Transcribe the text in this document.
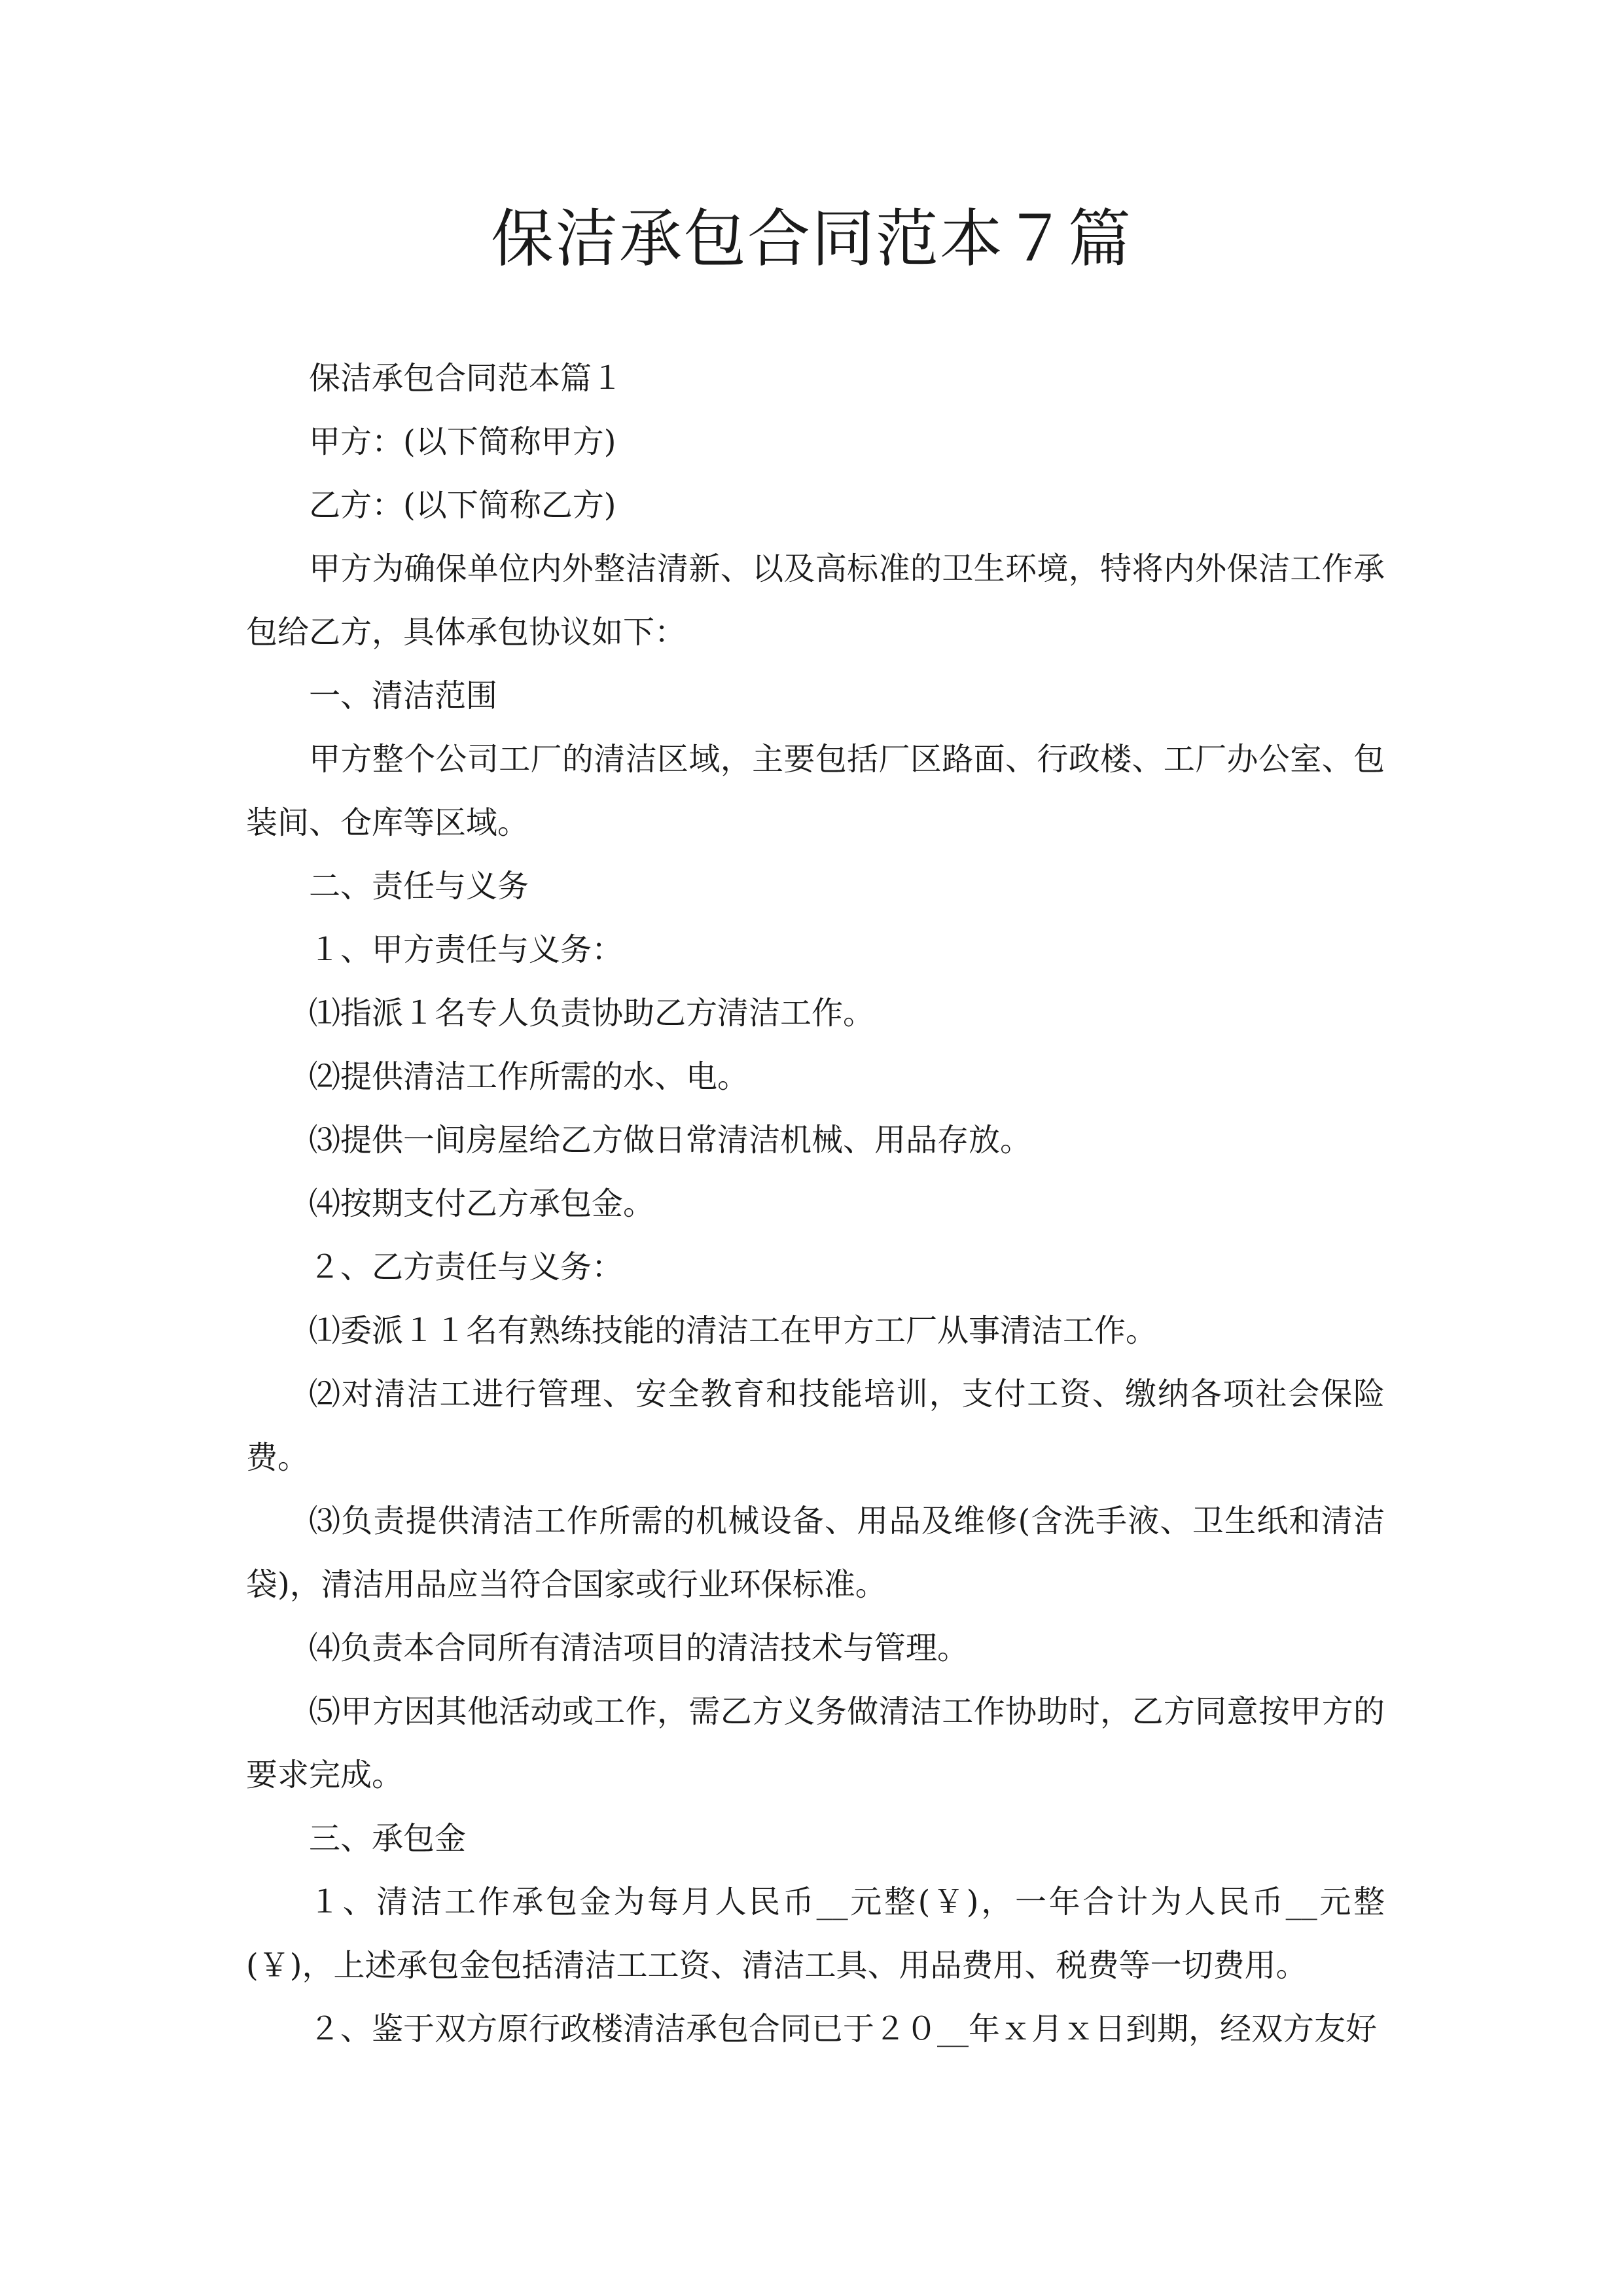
保洁承包合同范本７篇

保洁承包合同范本篇１

甲方：(以下简称甲方)

乙方：(以下简称乙方)

甲方为确保单位内外整洁清新、以及高标准的卫生环境，特将内外保洁工作承包给乙方，具体承包协议如下：

一、清洁范围

甲方整个公司工厂的清洁区域，主要包括厂区路面、行政楼、工厂办公室、包装间、仓库等区域。

二、责任与义务

１、甲方责任与义务：

⑴指派１名专人负责协助乙方清洁工作。

⑵提供清洁工作所需的水、电。

⑶提供一间房屋给乙方做日常清洁机械、用品存放。

⑷按期支付乙方承包金。

２、乙方责任与义务：

⑴委派１１名有熟练技能的清洁工在甲方工厂从事清洁工作。

⑵对清洁工进行管理、安全教育和技能培训，支付工资、缴纳各项社会保险费。

⑶负责提供清洁工作所需的机械设备、用品及维修(含洗手液、卫生纸和清洁袋)，清洁用品应当符合国家或行业环保标准。

⑷负责本合同所有清洁项目的清洁技术与管理。

⑸甲方因其他活动或工作，需乙方义务做清洁工作协助时，乙方同意按甲方的要求完成。

三、承包金

１、清洁工作承包金为每月人民币__元整(￥)，一年合计为人民币__元整(￥)，上述承包金包括清洁工工资、清洁工具、用品费用、税费等一切费用。

２、鉴于双方原行政楼清洁承包合同已于２０__年ｘ月ｘ日到期，经双方友好
